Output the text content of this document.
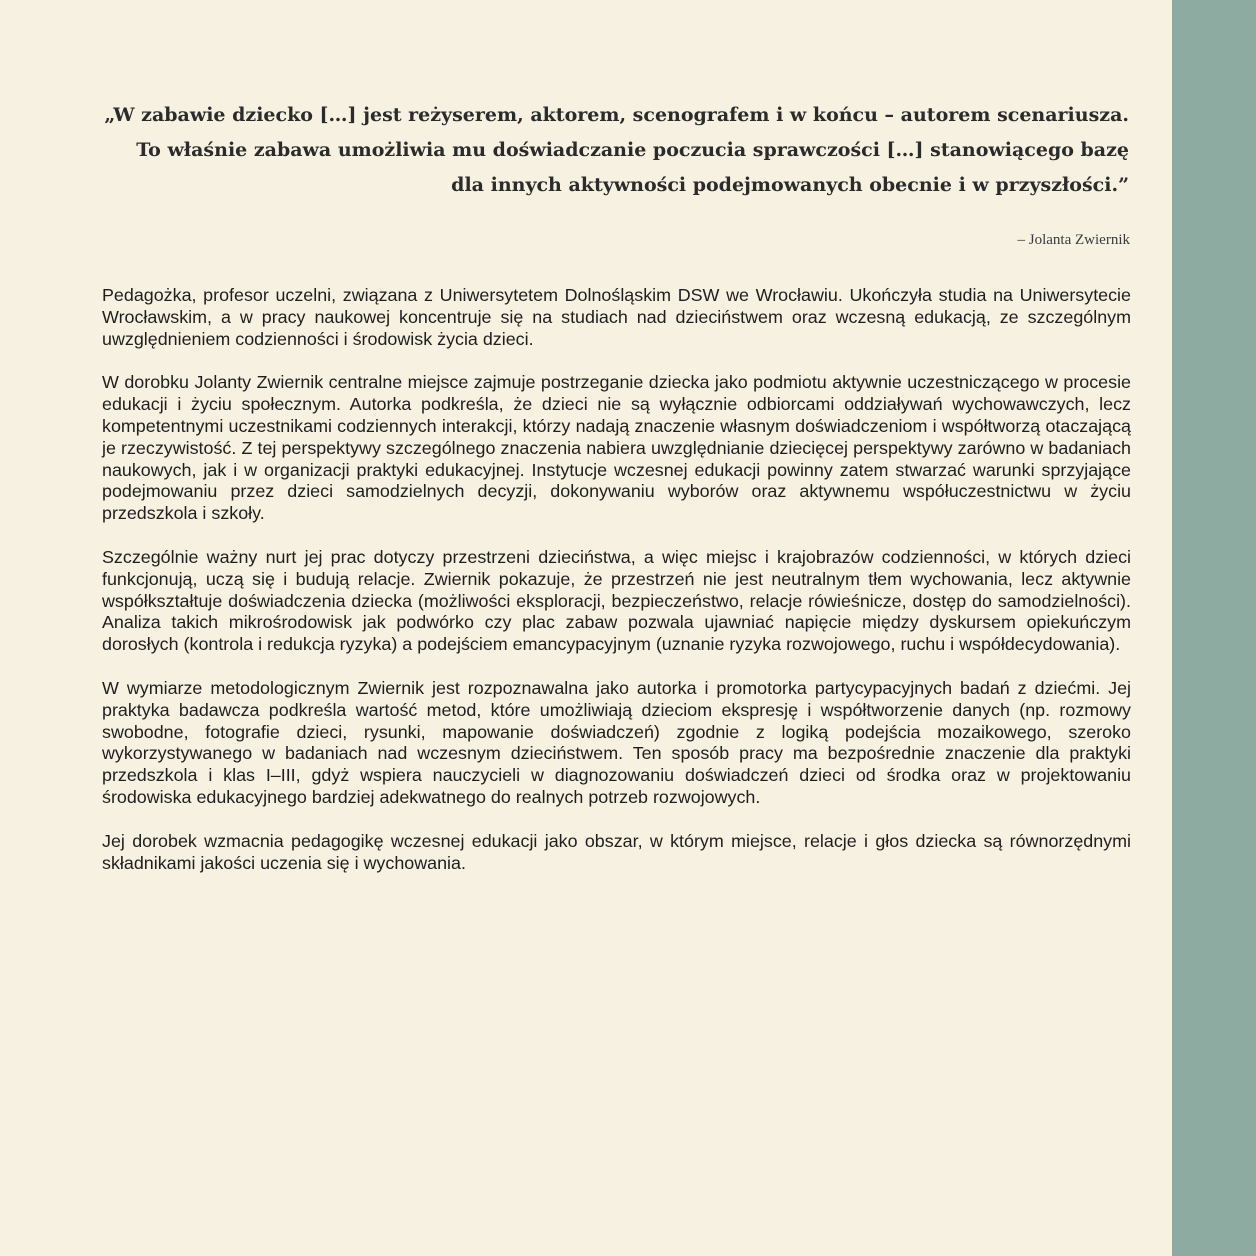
„W zabawie dziecko […] jest reżyserem, aktorem, scenografem i w końcu – autorem scenariusza.
To właśnie zabawa umożliwia mu doświadczanie poczucia sprawczości […] stanowiącego bazę
dla innych aktywności podejmowanych obecnie i w przyszłości.”
– Jolanta Zwiernik

Pedagożka, profesor uczelni, związana z Uniwersytetem Dolnośląskim DSW we Wrocławiu. Ukończyła studia na Uniwersytecie Wrocławskim, a w pracy naukowej koncentruje się na studiach nad dzieciństwem oraz wczesną edukacją, ze szczególnym uwzględnieniem codzienności i środowisk życia dzieci.

W dorobku Jolanty Zwiernik centralne miejsce zajmuje postrzeganie dziecka jako podmiotu aktywnie uczestniczącego w procesie edukacji i życiu społecznym. Autorka podkreśla, że dzieci nie są wyłącznie odbiorcami oddziaływań wychowawczych, lecz kompetentnymi uczestnikami codziennych interakcji, którzy nadają znaczenie własnym doświadczeniom i współtworzą otaczającą je rzeczywistość. Z tej perspektywy szczególnego znaczenia nabiera uwzględnianie dziecięcej perspektywy zarówno w badaniach naukowych, jak i w organizacji praktyki edukacyjnej. Instytucje wczesnej edukacji powinny zatem stwarzać warunki sprzyjające podejmowaniu przez dzieci samodzielnych decyzji, dokonywaniu wyborów oraz aktywnemu współuczestnictwu w życiu przedszkola i szkoły.

Szczególnie ważny nurt jej prac dotyczy przestrzeni dzieciństwa, a więc miejsc i krajobrazów codzienności, w których dzieci funkcjonują, uczą się i budują relacje. Zwiernik pokazuje, że przestrzeń nie jest neutralnym tłem wychowania, lecz aktywnie współkształtuje doświadczenia dziecka (możliwości eksploracji, bezpieczeństwo, relacje rówieśnicze, dostęp do samodzielności). Analiza takich mikrośrodowisk jak podwórko czy plac zabaw pozwala ujawniać napięcie między dyskursem opiekuńczym dorosłych (kontrola i redukcja ryzyka) a podejściem emancypacyjnym (uznanie ryzyka rozwojowego, ruchu i współdecydowania).

W wymiarze metodologicznym Zwiernik jest rozpoznawalna jako autorka i promotorka partycypacyjnych badań z dziećmi. Jej praktyka badawcza podkreśla wartość metod, które umożliwiają dzieciom ekspresję i współtworzenie danych (np. rozmowy swobodne, fotografie dzieci, rysunki, mapowanie doświadczeń) zgodnie z logiką podejścia mozaikowego, szeroko wykorzystywanego w badaniach nad wczesnym dzieciństwem. Ten sposób pracy ma bezpośrednie znaczenie dla praktyki przedszkola i klas I–III, gdyż wspiera nauczycieli w diagnozowaniu doświadczeń dzieci od środka oraz w projektowaniu środowiska edukacyjnego bardziej adekwatnego do realnych potrzeb rozwojowych.

Jej dorobek wzmacnia pedagogikę wczesnej edukacji jako obszar, w którym miejsce, relacje i głos dziecka są równorzędnymi składnikami jakości uczenia się i wychowania.
